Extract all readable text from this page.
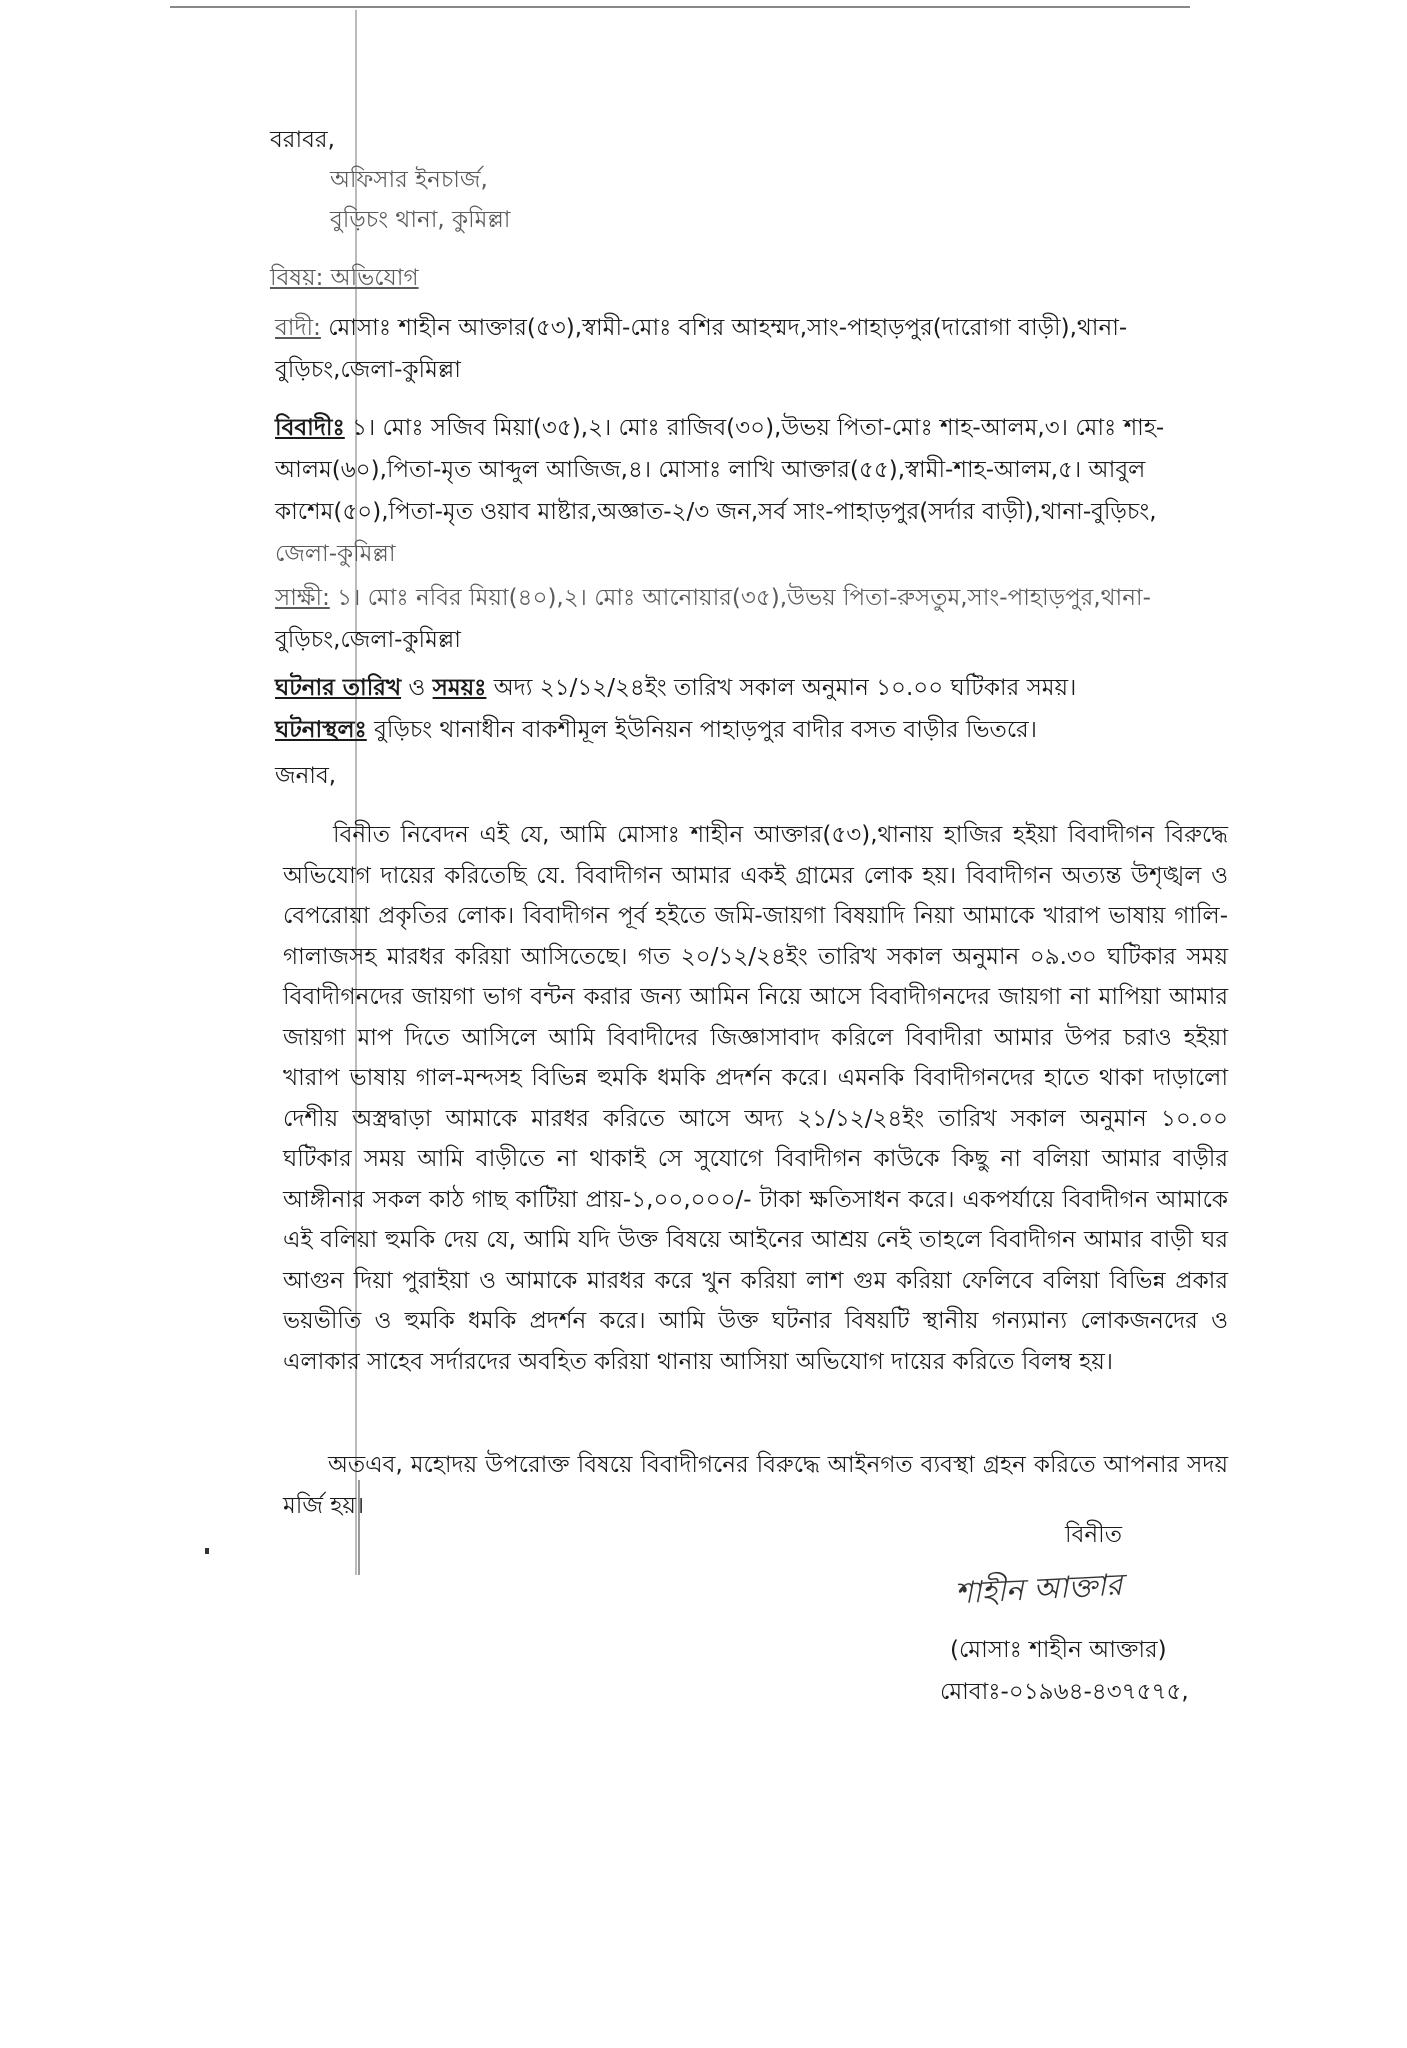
বরাবর,
অফিসার ইনচার্জ,
বুড়িচং থানা, কুমিল্লা
বিষয়: অভিযোগ
বাদী: মোসাঃ শাহীন আক্তার(৫৩),স্বামী-মোঃ বশির আহম্মদ,সাং-পাহাড়পুর(দারোগা বাড়ী),থানা-
বুড়িচং,জেলা-কুমিল্লা
বিবাদীঃ ১। মোঃ সজিব মিয়া(৩৫),২। মোঃ রাজিব(৩০),উভয় পিতা-মোঃ শাহ-আলম,৩। মোঃ শাহ-
আলম(৬০),পিতা-মৃত আব্দুল আজিজ,৪। মোসাঃ লাখি আক্তার(৫৫),স্বামী-শাহ-আলম,৫। আবুল
কাশেম(৫০),পিতা-মৃত ওয়াব মাষ্টার,অজ্ঞাত-২/৩ জন,সর্ব সাং-পাহাড়পুর(সর্দার বাড়ী),থানা-বুড়িচং,
জেলা-কুমিল্লা
সাক্ষী: ১। মোঃ নবির মিয়া(৪০),২। মোঃ আনোয়ার(৩৫),উভয় পিতা-রুসতুম,সাং-পাহাড়পুর,থানা-
বুড়িচং,জেলা-কুমিল্লা
ঘটনার তারিখ ও সময়ঃ অদ্য ২১/১২/২৪ইং তারিখ সকাল অনুমান ১০.০০ ঘটিকার সময়।
ঘটনাস্থলঃ বুড়িচং থানাধীন বাকশীমূল ইউনিয়ন পাহাড়পুর বাদীর বসত বাড়ীর ভিতরে।
জনাব,
বিনীত নিবেদন এই যে, আমি মোসাঃ শাহীন আক্তার(৫৩),থানায় হাজির হইয়া বিবাদীগন বিরুদ্ধে অভিযোগ দায়ের করিতেছি যে. বিবাদীগন আমার একই গ্রামের লোক হয়। বিবাদীগন অত্যন্ত উশৃঙ্খল ও বেপরোয়া প্রকৃতির লোক। বিবাদীগন পূর্ব হইতে জমি-জায়গা বিষয়াদি নিয়া আমাকে খারাপ ভাষায় গালি-গালাজসহ মারধর করিয়া আসিতেছে। গত ২০/১২/২৪ইং তারিখ সকাল অনুমান ০৯.৩০ ঘটিকার সময় বিবাদীগনদের জায়গা ভাগ বন্টন করার জন্য আমিন নিয়ে আসে বিবাদীগনদের জায়গা না মাপিয়া আমার জায়গা মাপ দিতে আসিলে আমি বিবাদীদের জিজ্ঞাসাবাদ করিলে বিবাদীরা আমার উপর চরাও হইয়া খারাপ ভাষায় গাল-মন্দসহ বিভিন্ন হুমকি ধমকি প্রদর্শন করে। এমনকি বিবাদীগনদের হাতে থাকা দাড়ালো দেশীয় অস্ত্রদ্বাড়া আমাকে মারধর করিতে আসে অদ্য ২১/১২/২৪ইং তারিখ সকাল অনুমান ১০.০০ ঘটিকার সময় আমি বাড়ীতে না থাকাই সে সুযোগে বিবাদীগন কাউকে কিছু না বলিয়া আমার বাড়ীর আঙ্গীনার সকল কাঠ গাছ কাটিয়া প্রায়-১,০০,০০০/- টাকা ক্ষতিসাধন করে। একপর্যায়ে বিবাদীগন আমাকে এই বলিয়া হুমকি দেয় যে, আমি যদি উক্ত বিষয়ে আইনের আশ্রয় নেই তাহলে বিবাদীগন আমার বাড়ী ঘর আগুন দিয়া পুরাইয়া ও আমাকে মারধর করে খুন করিয়া লাশ গুম করিয়া ফেলিবে বলিয়া বিভিন্ন প্রকার ভয়ভীতি ও হুমকি ধমকি প্রদর্শন করে। আমি উক্ত ঘটনার বিষয়টি স্থানীয় গন্যমান্য লোকজনদের ও এলাকার সাহেব সর্দারদের অবহিত করিয়া থানায় আসিয়া অভিযোগ দায়ের করিতে বিলম্ব হয়।
অতএব, মহোদয় উপরোক্ত বিষয়ে বিবাদীগনের বিরুদ্ধে আইনগত ব্যবস্থা গ্রহন করিতে আপনার সদয় মর্জি হয়।
বিনীত
শাহীন আক্তার
(মোসাঃ শাহীন আক্তার)
মোবাঃ-০১৯৬৪-৪৩৭৫৭৫,
